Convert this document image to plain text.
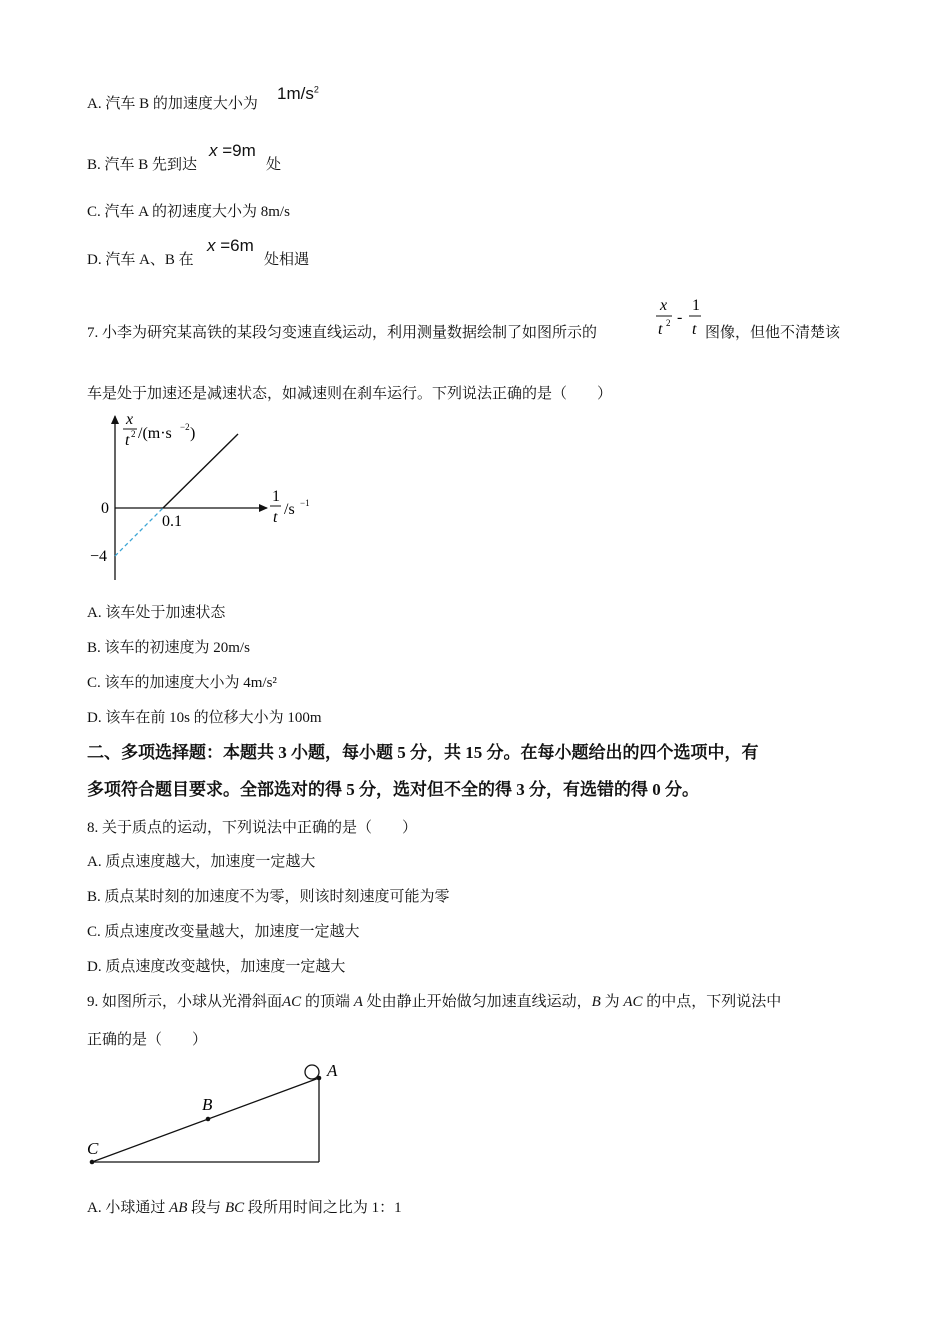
A. 汽车 B 的加速度大小为
$1m/s^2$
B. 汽车 B 先到达
x =9m
处
C. 汽车 A 的初速度大小为 8m/s
D. 汽车 A、B 在
x =6m
处相遇
7. 小李为研究某高铁的某段匀变速直线运动，利用测量数据绘制了如图所示的
x
t 2 -
1
t 图像，但他不清楚该
车是处于加速还是减速状态，如减速则在刹车运行。下列说法正确的是（　　）
x
t 2 /(m·s −2 )
1
t /s −1
0
0.1
−4
A. 该车处于加速状态
B. 该车的初速度为 20m/s
C. 该车的加速度大小为 4m/s²
D. 该车在前 10s 的位移大小为 100m
二、多项选择题：本题共 3 小题，每小题 5 分，共 15 分。在每小题给出的四个选项中，有
多项符合题目要求。全部选对的得 5 分，选对但不全的得 3 分，有选错的得 0 分。
8. 关于质点的运动，下列说法中正确的是（　　）
A. 质点速度越大，加速度一定越大
B. 质点某时刻的加速度不为零，则该时刻速度可能为零
C. 质点速度改变量越大，加速度一定越大
D. 质点速度改变越快，加速度一定越大
9. 如图所示，小球从光滑斜面AC 的顶端 A 处由静止开始做匀加速直线运动，B 为 AC 的中点，下列说法中
正确的是（　　）
A
B
C
A. 小球通过 AB 段与 BC 段所用时间之比为 1：1
